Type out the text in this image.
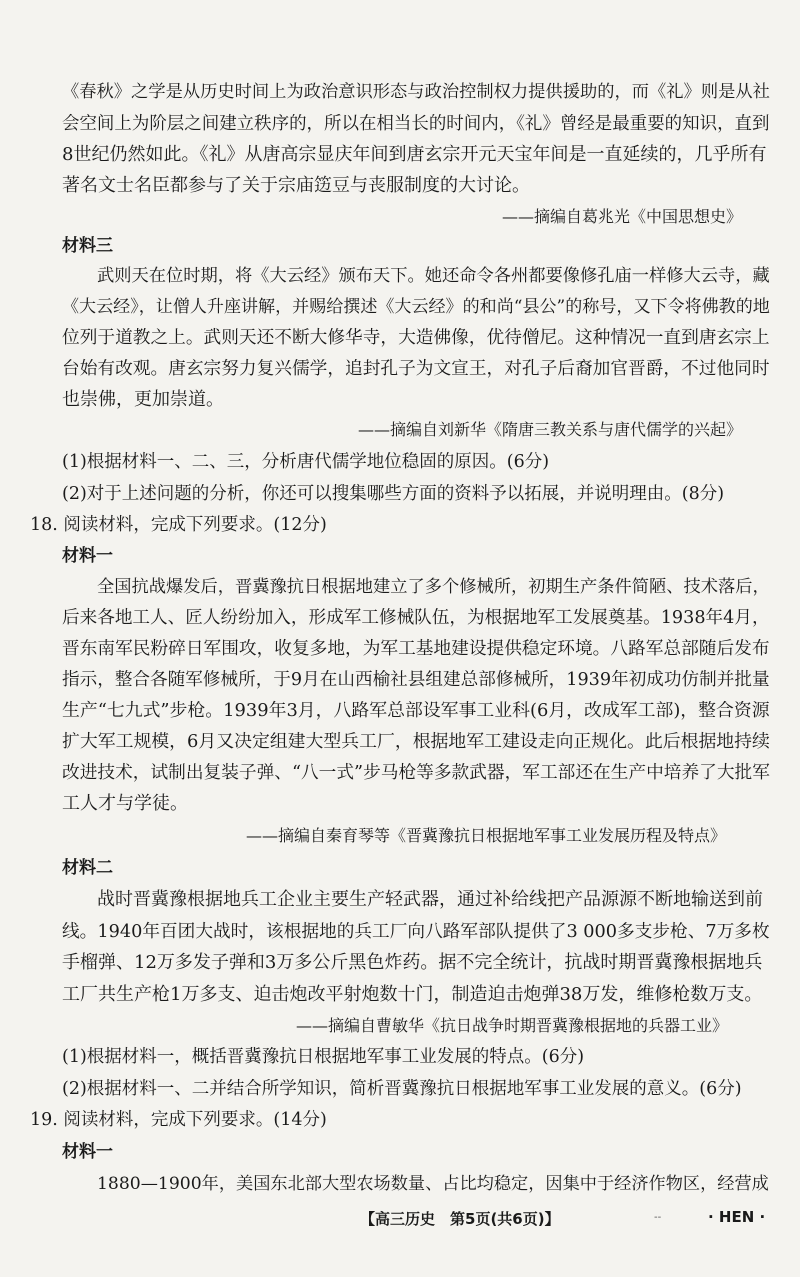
《春秋》之学是从历史时间上为政治意识形态与政治控制权力提供援助的，而《礼》则是从社
会空间上为阶层之间建立秩序的，所以在相当长的时间内，《礼》曾经是最重要的知识，直到
8世纪仍然如此。《礼》从唐高宗显庆年间到唐玄宗开元天宝年间是一直延续的，几乎所有
著名文士名臣都参与了关于宗庙笾豆与丧服制度的大讨论。
——摘编自葛兆光《中国思想史》
材料三
武则天在位时期，将《大云经》颁布天下。她还命令各州都要像修孔庙一样修大云寺，藏
《大云经》，让僧人升座讲解，并赐给撰述《大云经》的和尚“县公”的称号，又下令将佛教的地
位列于道教之上。武则天还不断大修华寺，大造佛像，优待僧尼。这种情况一直到唐玄宗上
台始有改观。唐玄宗努力复兴儒学，追封孔子为文宣王，对孔子后裔加官晋爵，不过他同时
也崇佛，更加崇道。
——摘编自刘新华《隋唐三教关系与唐代儒学的兴起》
(1)根据材料一、二、三，分析唐代儒学地位稳固的原因。(6分)
(2)对于上述问题的分析，你还可以搜集哪些方面的资料予以拓展，并说明理由。(8分)
18. 阅读材料，完成下列要求。(12分)
材料一
全国抗战爆发后，晋冀豫抗日根据地建立了多个修械所，初期生产条件简陋、技术落后，
后来各地工人、匠人纷纷加入，形成军工修械队伍，为根据地军工发展奠基。1938年4月，
晋东南军民粉碎日军围攻，收复多地，为军工基地建设提供稳定环境。八路军总部随后发布
指示，整合各随军修械所，于9月在山西榆社县组建总部修械所，1939年初成功仿制并批量
生产“七九式”步枪。1939年3月，八路军总部设军事工业科(6月，改成军工部)，整合资源
扩大军工规模，6月又决定组建大型兵工厂，根据地军工建设走向正规化。此后根据地持续
改进技术，试制出复装子弹、“八一式”步马枪等多款武器，军工部还在生产中培养了大批军
工人才与学徒。
——摘编自秦育琴等《晋冀豫抗日根据地军事工业发展历程及特点》
材料二
战时晋冀豫根据地兵工企业主要生产轻武器，通过补给线把产品源源不断地输送到前
线。1940年百团大战时，该根据地的兵工厂向八路军部队提供了3 000多支步枪、7万多枚
手榴弹、12万多发子弹和3万多公斤黑色炸药。据不完全统计，抗战时期晋冀豫根据地兵
工厂共生产枪1万多支、迫击炮改平射炮数十门，制造迫击炮弹38万发，维修枪数万支。
——摘编自曹敏华《抗日战争时期晋冀豫根据地的兵器工业》
(1)根据材料一，概括晋冀豫抗日根据地军事工业发展的特点。(6分)
(2)根据材料一、二并结合所学知识，简析晋冀豫抗日根据地军事工业发展的意义。(6分)
19. 阅读材料，完成下列要求。(14分)
材料一
1880—1900年，美国东北部大型农场数量、占比均稳定，因集中于经济作物区，经营成
【高三历史　第5页(共6页)】	--	· HEN ·
